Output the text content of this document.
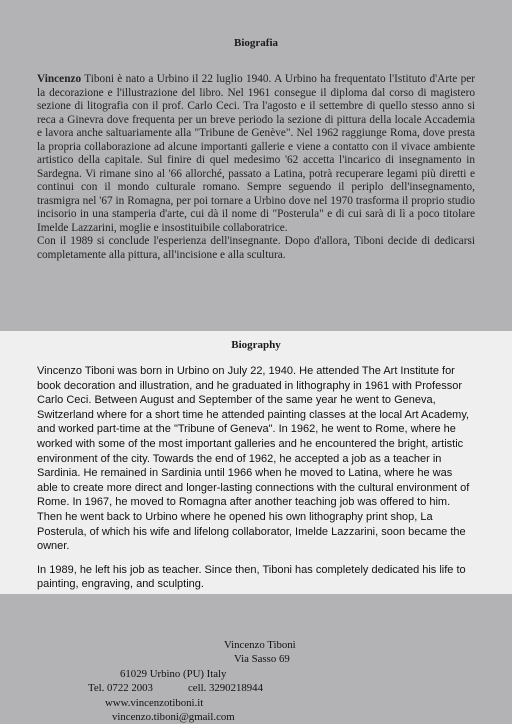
Biografia

Vincenzo Tiboni è nato a Urbino il 22 luglio 1940. A Urbino ha frequentato l'Istituto d'Arte per la decorazione e l'illustrazione del libro. Nel 1961 consegue il diploma dal corso di magistero sezione di litografia con il prof. Carlo Ceci. Tra l'agosto e il settembre di quello stesso anno si reca a Ginevra dove frequenta per un breve periodo la sezione di pittura della locale Accademia e lavora anche saltuariamente alla "Tribune de Genève". Nel 1962 raggiunge Roma, dove presta la propria collaborazione ad alcune importanti gallerie e viene a contatto con il vivace ambiente artistico della capitale. Sul finire di quel medesimo '62 accetta l'incarico di insegnamento in Sardegna. Vi rimane sino al '66 allorché, passato a Latina, potrà recuperare legami più diretti e continui con il mondo culturale romano. Sempre seguendo il periplo dell'insegnamento, trasmigra nel '67 in Romagna, per poi tornare a Urbino dove nel 1970 trasforma il proprio studio incisorio in una stamperia d'arte, cui dà il nome di "Posterula" e di cui sarà di lì a poco titolare Imelde Lazzarini, moglie e insostituibile collaboratrice.

Con il 1989 si conclude l'esperienza dell'insegnante. Dopo d'allora, Tiboni decide di dedicarsi completamente alla pittura, all'incisione e alla scultura.

Biography

Vincenzo Tiboni was born in Urbino on July 22, 1940. He attended The Art Institute for book decoration and illustration, and he graduated in lithography in 1961 with Professor Carlo Ceci. Between August and September of the same year he went to Geneva, Switzerland where for a short time he attended painting classes at the local Art Academy, and worked part-time at the "Tribune of Geneva". In 1962, he went to Rome, where he worked with some of the most important galleries and he encountered the bright, artistic environment of the city. Towards the end of 1962, he accepted a job as a teacher in Sardinia. He remained in Sardinia until 1966 when he moved to Latina, where he was able to create more direct and longer-lasting connections with the cultural environment of Rome. In 1967, he moved to Romagna after another teaching job was offered to him. Then he went back to Urbino where he opened his own lithography print shop, La Posterula, of which his wife and lifelong collaborator, Imelde Lazzarini, soon became the owner.

In 1989, he left his job as teacher. Since then, Tiboni has completely dedicated his life to painting, engraving, and sculpting.

Vincenzo Tiboni
Via Sasso 69
61029 Urbino (PU) Italy
Tel. 0722 2003	cell. 3290218944
www.vincenzotiboni.it
vincenzo.tiboni@gmail.com
